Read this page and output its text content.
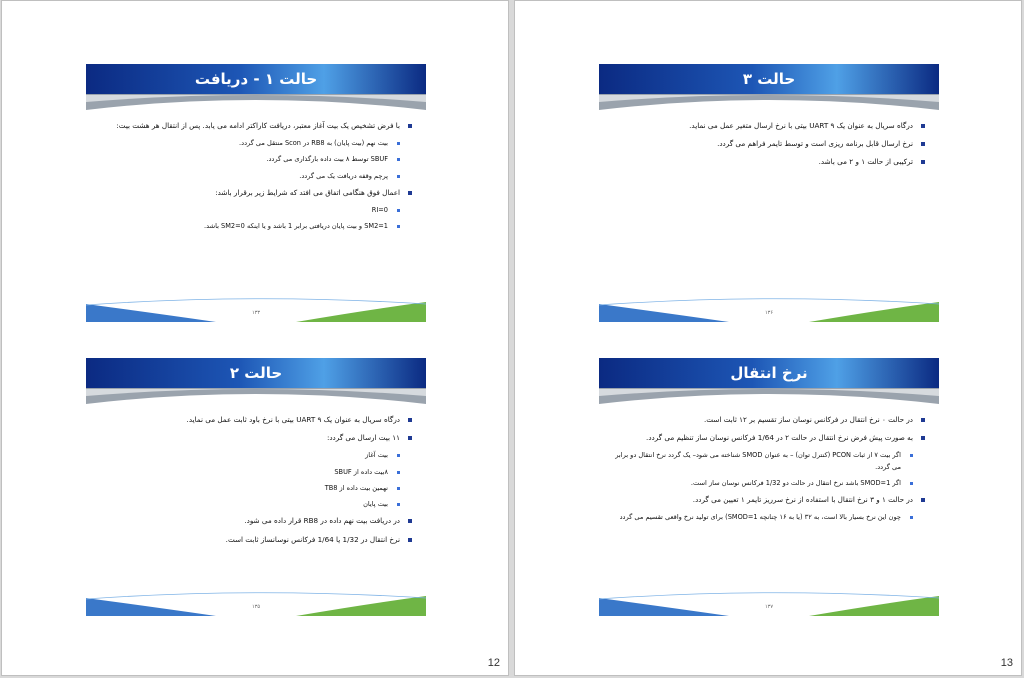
حالت ۱ - دریافت
با فرض تشخیص یک بیت آغاز معتبر، دریافت کاراکتر ادامه می یابد. پس از انتقال هر هشت بیت:
بیت نهم (بیت پایان) به RB8 در Scon منتقل می گردد.
SBUF توسط ۸ بیت داده بارگذاری می گردد.
پرچم وقفه دریافت یک می گردد.
اعمال فوق هنگامی اتفاق می افتد که شرایط زیر برقرار باشد:
RI=0
SM2=1 و بیت پایان دریافتی برابر 1 باشد و یا اینکه SM2=0 باشد.
۱۳۳
حالت ۲
درگاه سریال به عنوان یک UART ۹ بیتی با نرخ باود ثابت عمل می نماید.
۱۱ بیت ارسال می گردد:
بیت آغاز
۸بیت داده از SBUF
نهمین بیت داده از TB8
بیت پایان
در دریافت بیت نهم داده در RB8 قرار داده می شود.
نرخ انتقال در 1/32 یا 1/64 فرکانس نوسانساز ثابت است.
۱۳۵
12
حالت ۳
درگاه سریال به عنوان یک UART ۹ بیتی با نرخ ارسال متغیر عمل می نماید.
نرخ ارسال قابل برنامه ریزی است و توسط تایمر فراهم می گردد.
ترکیبی از حالت ۱ و ۲ می باشد.
۱۳۶
نرخ انتقال
در حالت ۰ نرخ انتقال در فرکانس نوسان ساز تقسیم بر ۱۲ ثابت است.
به صورت پیش فرض نرخ انتقال در حالت ۲ در 1/64 فرکانس نوسان ساز تنظیم می گردد.
اگر بیت ۷ از ثبات PCON (کنترل توان) – به عنوان SMOD شناخته می شود– یک گردد نرخ انتقال دو برابر می گردد.
اگر SMOD=1 باشد نرخ انتقال در حالت دو 1/32 فرکانس نوسان ساز است.
در حالت ۱ و ۳ نرخ انتقال با استفاده از نرخ سرریز تایمر ۱ تعیین می گردد.
چون این نرخ بسیار بالا است، به ۳۲ (یا به ۱۶ چنانچه SMOD=1) برای تولید نرخ واقعی تقسیم می گردد
۱۳۷
13
